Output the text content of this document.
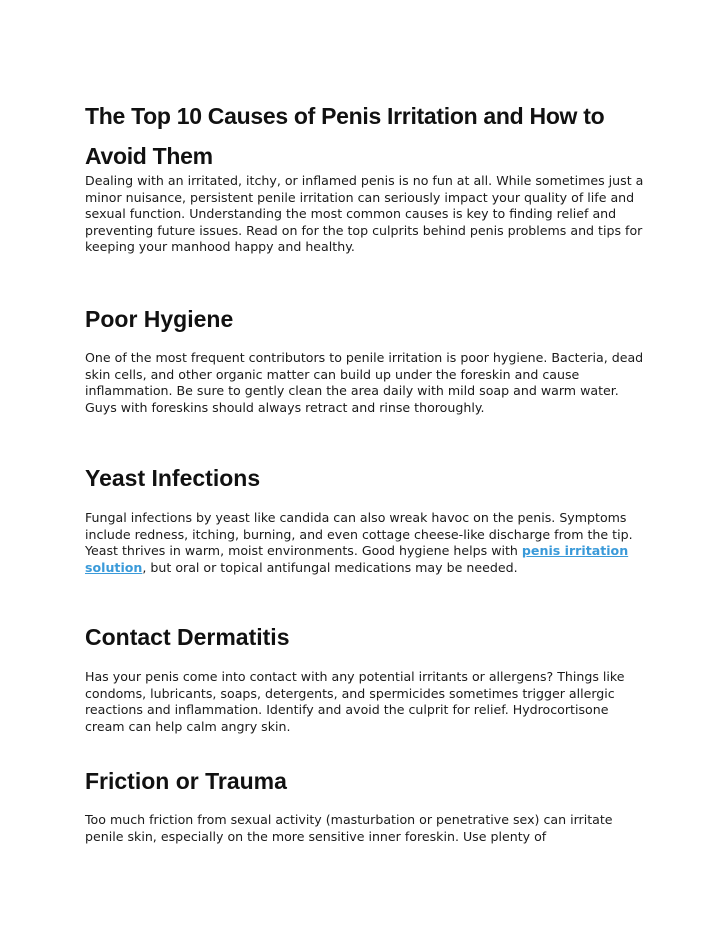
The Top 10 Causes of Penis Irritation and How to Avoid Them

Dealing with an irritated, itchy, or inflamed penis is no fun at all. While sometimes just a minor nuisance, persistent penile irritation can seriously impact your quality of life and sexual function. Understanding the most common causes is key to finding relief and preventing future issues. Read on for the top culprits behind penis problems and tips for keeping your manhood happy and healthy.

Poor Hygiene

One of the most frequent contributors to penile irritation is poor hygiene. Bacteria, dead skin cells, and other organic matter can build up under the foreskin and cause inflammation. Be sure to gently clean the area daily with mild soap and warm water. Guys with foreskins should always retract and rinse thoroughly.

Yeast Infections

Fungal infections by yeast like candida can also wreak havoc on the penis. Symptoms include redness, itching, burning, and even cottage cheese-like discharge from the tip. Yeast thrives in warm, moist environments. Good hygiene helps with penis irritation solution, but oral or topical antifungal medications may be needed.

Contact Dermatitis

Has your penis come into contact with any potential irritants or allergens? Things like condoms, lubricants, soaps, detergents, and spermicides sometimes trigger allergic reactions and inflammation. Identify and avoid the culprit for relief. Hydrocortisone cream can help calm angry skin.

Friction or Trauma

Too much friction from sexual activity (masturbation or penetrative sex) can irritate penile skin, especially on the more sensitive inner foreskin. Use plenty of
